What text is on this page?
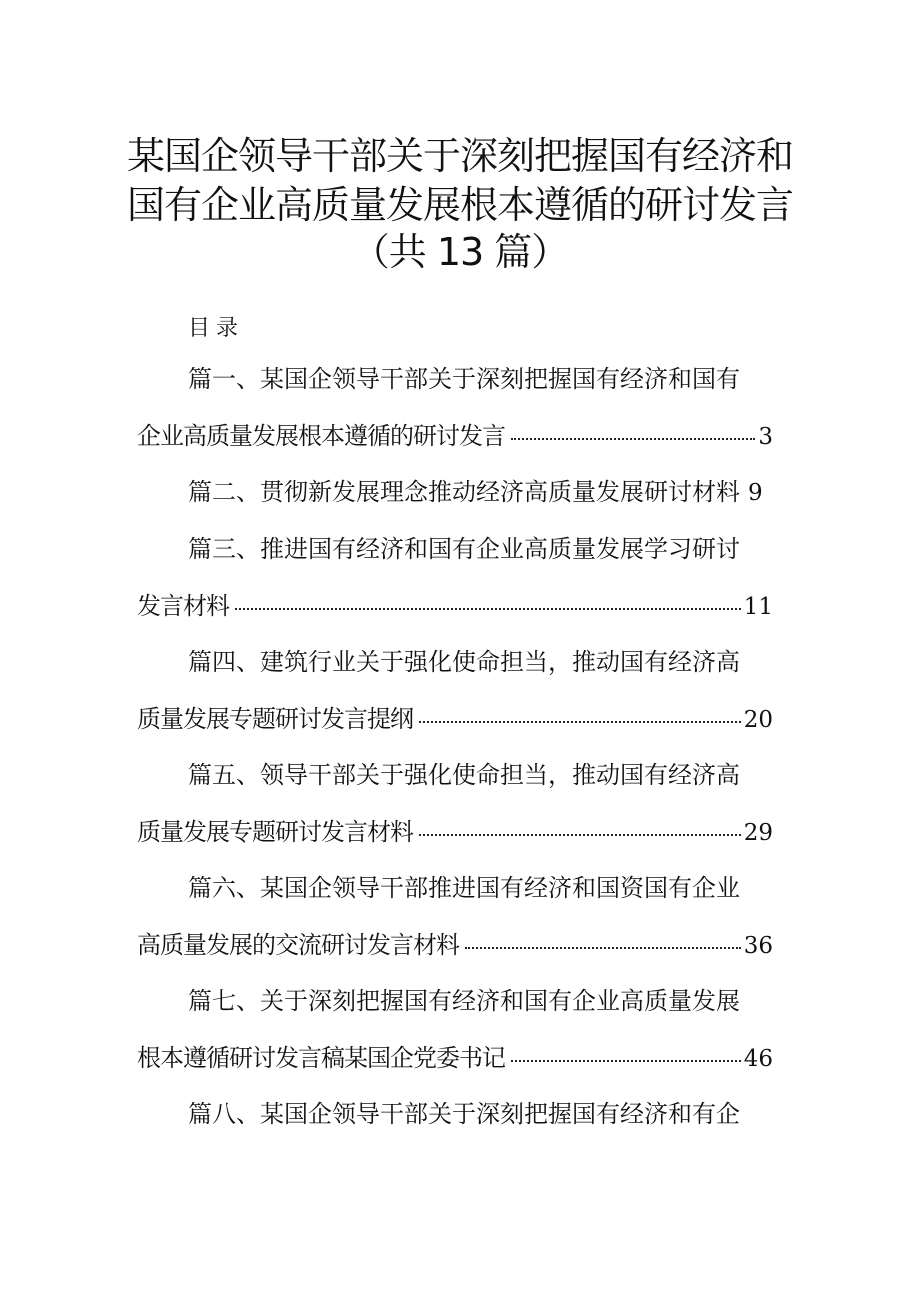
某国企领导干部关于深刻把握国有经济和
国有企业高质量发展根本遵循的研讨发言
（共 13 篇）
目录
篇一、某国企领导干部关于深刻把握国有经济和国有
企业高质量发展根本遵循的研讨发言	3
篇二、贯彻新发展理念推动经济高质量发展研讨材料 9
篇三、推进国有经济和国有企业高质量发展学习研讨
发言材料	11
篇四、建筑行业关于强化使命担当，推动国有经济高
质量发展专题研讨发言提纲	20
篇五、领导干部关于强化使命担当，推动国有经济高
质量发展专题研讨发言材料	29
篇六、某国企领导干部推进国有经济和国资国有企业
高质量发展的交流研讨发言材料	36
篇七、关于深刻把握国有经济和国有企业高质量发展
根本遵循研讨发言稿某国企党委书记	46
篇八、某国企领导干部关于深刻把握国有经济和有企
